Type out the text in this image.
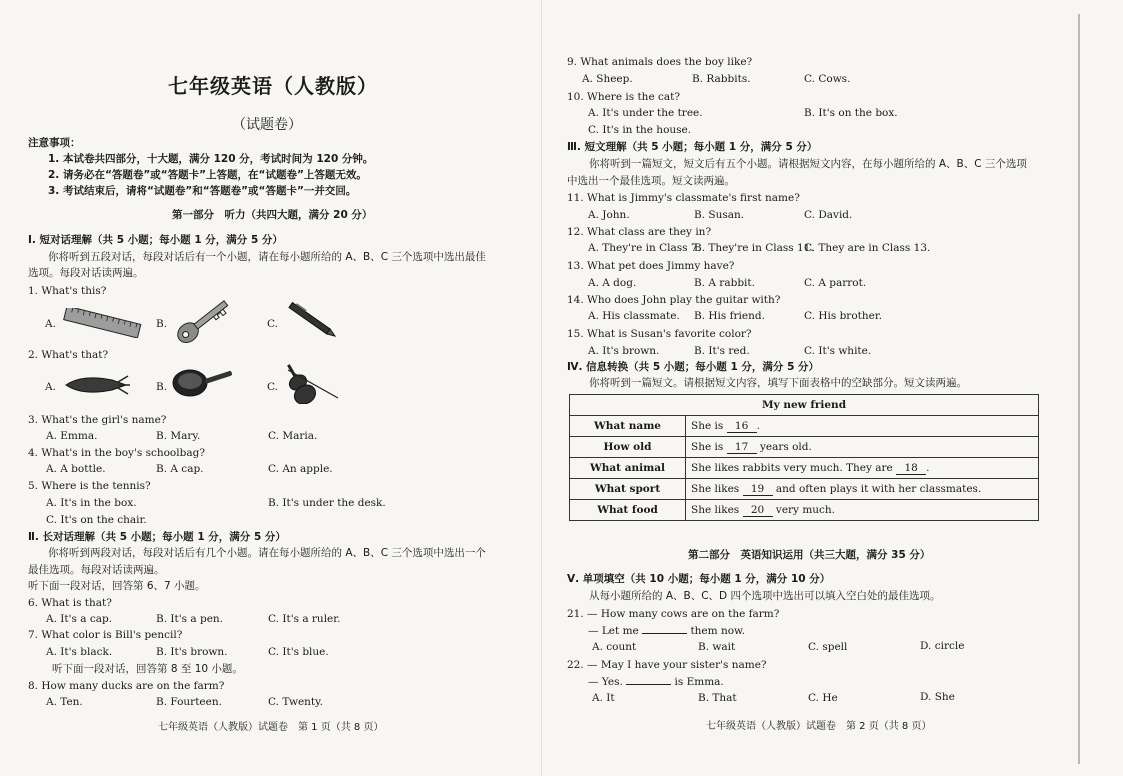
七年级英语（人教版）
（试题卷）
注意事项：
1. 本试卷共四部分，十大题，满分 120 分，考试时间为 120 分钟。
2. 请务必在“答题卷”或“答题卡”上答题，在“试题卷”上答题无效。
3. 考试结束后，请将“试题卷”和“答题卷”或“答题卡”一并交回。
第一部分　听力（共四大题，满分 20 分）
Ⅰ. 短对话理解（共 5 小题；每小题 1 分，满分 5 分）
你将听到五段对话，每段对话后有一个小题，请在每小题所给的 A、B、C 三个选项中选出最佳
选项。每段对话读两遍。
1. What's this?
A.	B.	C.
2. What's that?
A.	B.	C.
3. What's the girl's name?
A. Emma.	B. Mary.	C. Maria.
4. What's in the boy's schoolbag?
A. A bottle.	B. A cap.	C. An apple.
5. Where is the tennis?
A. It's in the box.	B. It's under the desk.
C. It's on the chair.
Ⅱ. 长对话理解（共 5 小题；每小题 1 分，满分 5 分）
你将听到两段对话，每段对话后有几个小题。请在每小题所给的 A、B、C 三个选项中选出一个
最佳选项。每段对话读两遍。
听下面一段对话，回答第 6、7 小题。
6. What is that?
A. It's a cap.	B. It's a pen.	C. It's a ruler.
7. What color is Bill's pencil?
A. It's black.	B. It's brown.	C. It's blue.
听下面一段对话，回答第 8 至 10 小题。
8. How many ducks are on the farm?
A. Ten.	B. Fourteen.	C. Twenty.
七年级英语（人教版）试题卷　第 1 页（共 8 页）
9. What animals does the boy like?
A. Sheep.	B. Rabbits.	C. Cows.
10. Where is the cat?
A. It's under the tree.	B. It's on the box.
C. It's in the house.
Ⅲ. 短文理解（共 5 小题；每小题 1 分，满分 5 分）
你将听到一篇短文，短文后有五个小题。请根据短文内容，在每小题所给的 A、B、C 三个选项
中选出一个最佳选项。短文读两遍。
11. What is Jimmy's classmate's first name?
A. John.	B. Susan.	C. David.
12. What class are they in?
A. They're in Class 7.
B. They're in Class 11.
C. They are in Class 13.
13. What pet does Jimmy have?
A. A dog.	B. A rabbit.	C. A parrot.
14. Who does John play the guitar with?
A. His classmate. B. His friend.	C. His brother.
15. What is Susan's favorite color?
A. It's brown.	B. It's red.	C. It's white.
Ⅳ. 信息转换（共 5 小题；每小题 1 分，满分 5 分）
你将听到一篇短文。请根据短文内容，填写下面表格中的空缺部分。短文读两遍。
My new friend	
What name	She is 16 .
How old	She is 17 years old.
What animal	She likes rabbits very much. They are 18 .
What sport	She likes 19 and often plays it with her classmates.
What food	She likes 20 very much.
第二部分　英语知识运用（共三大题，满分 35 分）
Ⅴ. 单项填空（共 10 小题；每小题 1 分，满分 10 分）
从每小题所给的 A、B、C、D 四个选项中选出可以填入空白处的最佳选项。
21. — How many cows are on the farm?
— Let me	them now.
A. count	B. wait	C. spell	D. circle
22. — May I have your sister's name?
— Yes.	is Emma.
A. It	B. That	C. He	D. She
七年级英语（人教版）试题卷　第 2 页（共 8 页）
